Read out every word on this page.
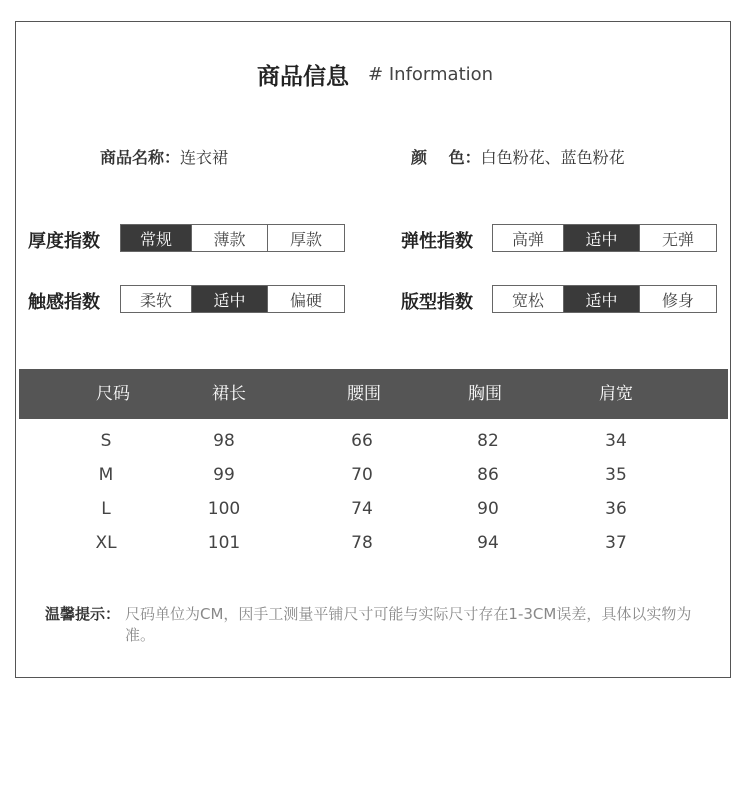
商品信息 # Information
商品名称：连衣裙	颜　 色：白色粉花、蓝色粉花
厚度指数	常规	薄款	厚款	弹性指数	高弹	适中	无弹
触感指数	柔软	适中	偏硬	版型指数	宽松	适中	修身
尺码	裙长	腰围	胸围	肩宽
S	98	66	82	34
M	99	70	86	35
L	100	74	90	36
XL	101	78	94	37
温馨提示： 尺码单位为CM，因手工测量平铺尺寸可能与实际尺寸存在1-3CM误差，具体以实物为准。
